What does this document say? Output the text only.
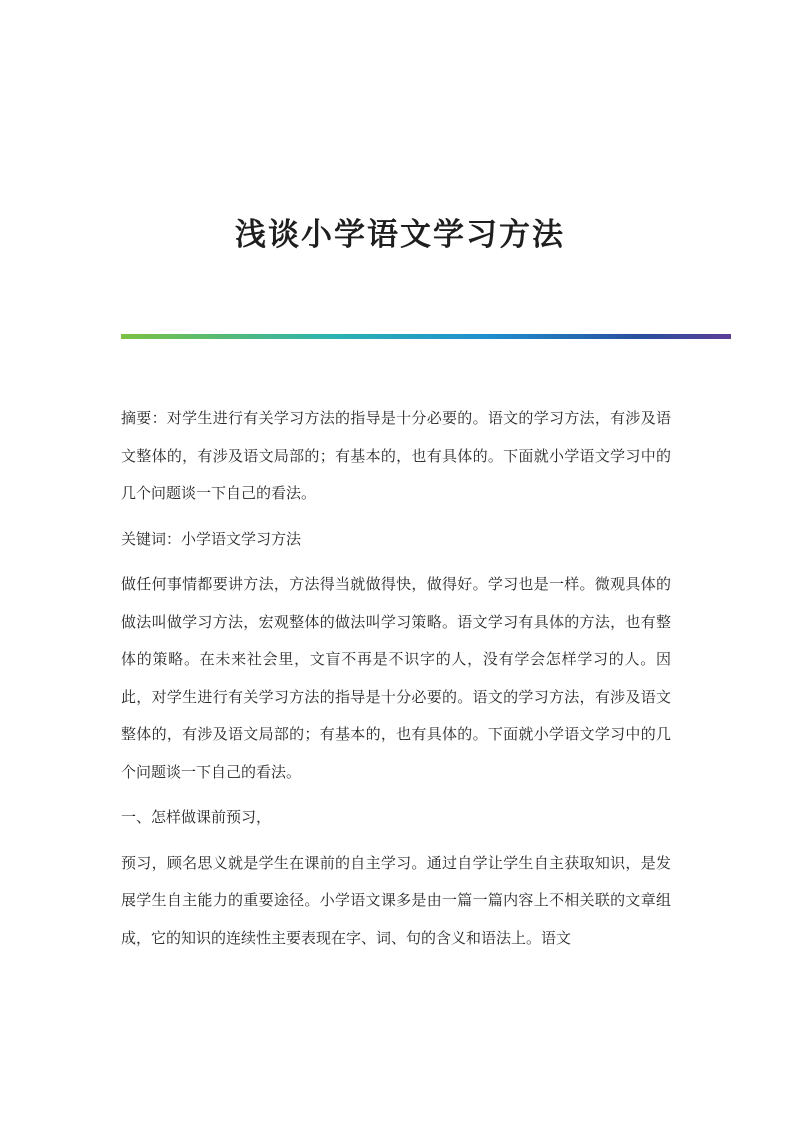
浅谈小学语文学习方法

摘要：对学生进行有关学习方法的指导是十分必要的。语文的学习方法，有涉及语文整体的，有涉及语文局部的；有基本的，也有具体的。下面就小学语文学习中的几个问题谈一下自己的看法。

关键词：小学语文学习方法

做任何事情都要讲方法，方法得当就做得快，做得好。学习也是一样。微观具体的做法叫做学习方法，宏观整体的做法叫学习策略。语文学习有具体的方法，也有整体的策略。在未来社会里，文盲不再是不识字的人，没有学会怎样学习的人。因此，对学生进行有关学习方法的指导是十分必要的。语文的学习方法，有涉及语文整体的，有涉及语文局部的；有基本的，也有具体的。下面就小学语文学习中的几个问题谈一下自己的看法。

一、怎样做课前预习，

预习，顾名思义就是学生在课前的自主学习。通过自学让学生自主获取知识，是发展学生自主能力的重要途径。小学语文课多是由一篇一篇内容上不相关联的文章组成，它的知识的连续性主要表现在字、词、句的含义和语法上。语文
